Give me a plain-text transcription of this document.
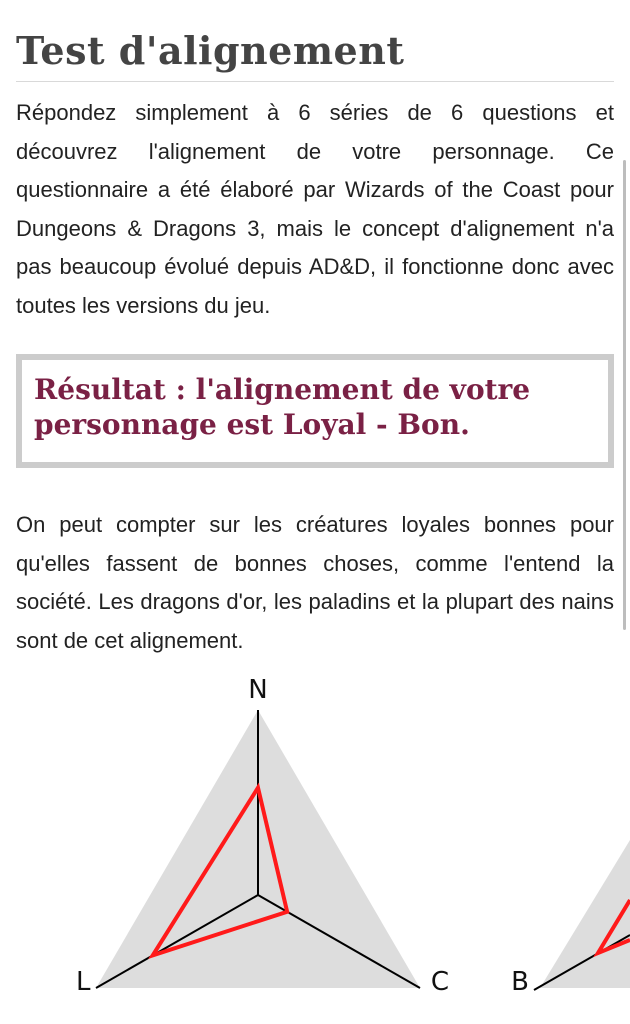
Test d'alignement

Répondez simplement à 6 séries de 6 questions et découvrez l'alignement de votre personnage. Ce questionnaire a été élaboré par Wizards of the Coast pour Dungeons & Dragons 3, mais le concept d'alignement n'a pas beaucoup évolué depuis AD&D, il fonctionne donc avec toutes les versions du jeu.

Résultat : l'alignement de votre personnage est Loyal - Bon.

On peut compter sur les créatures loyales bonnes pour qu'elles fassent de bonnes choses, comme l'entend la société. Les dragons d'or, les paladins et la plupart des nains sont de cet alignement.

N
L	C B
